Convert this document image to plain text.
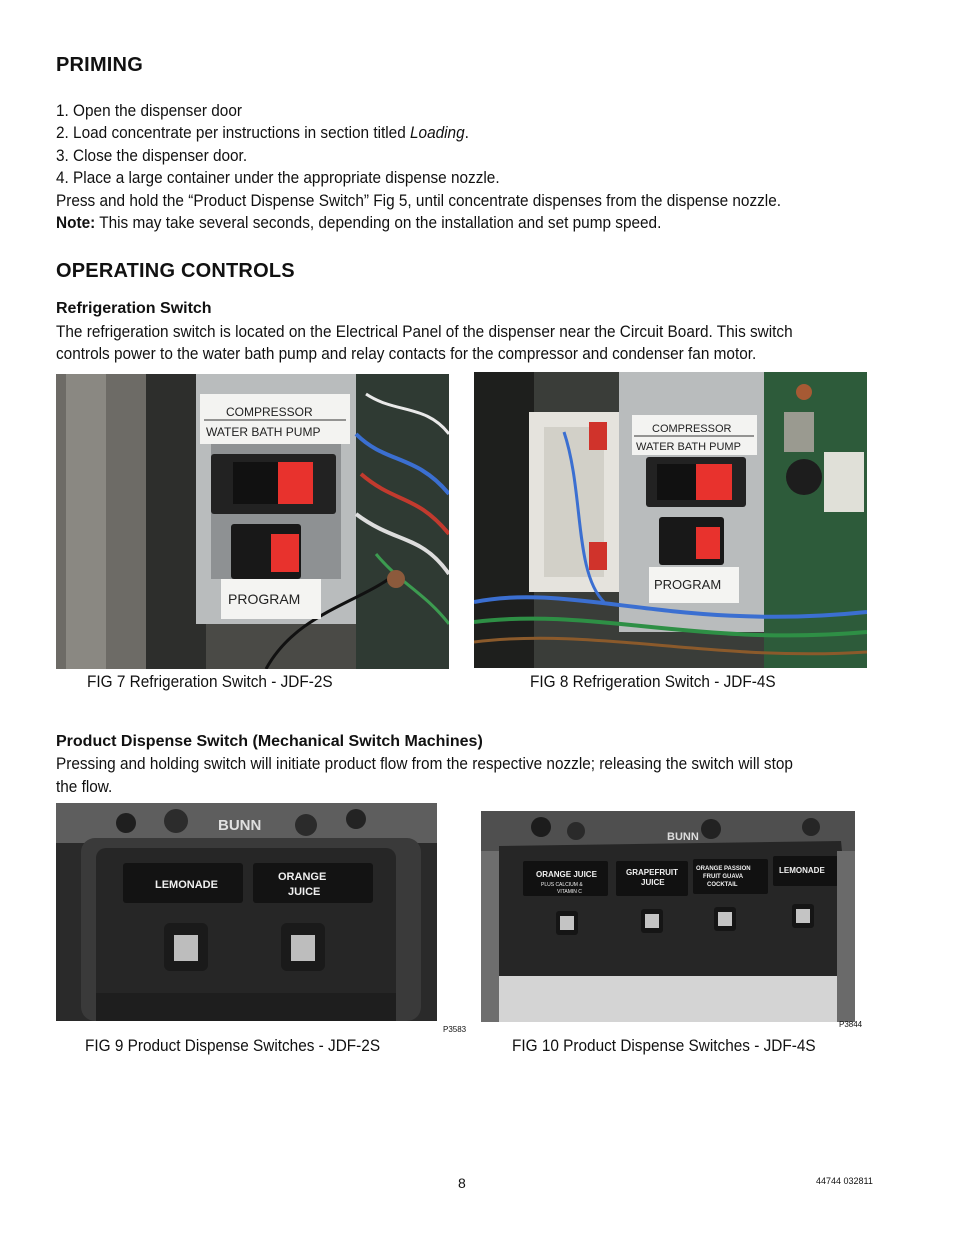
PRIMING
1. Open the dispenser door
2. Load concentrate per instructions in section titled Loading.
3. Close the dispenser door.
4. Place a large container under the appropriate dispense nozzle.
Press and hold the “Product Dispense Switch” Fig 5, until concentrate dispenses from the dispense nozzle.
Note: This may take several seconds, depending on the installation and set pump speed.
OPERATING CONTROLS
Refrigeration Switch
The refrigeration switch is located on the Electrical Panel of the dispenser near the Circuit Board. This switch
controls power to the water bath pump and relay contacts for the compressor and condenser fan motor.
COMPRESSOR
WATER BATH PUMP
PROGRAM
COMPRESSOR
WATER BATH PUMP
PROGRAM
FIG 7 Refrigeration Switch - JDF-2S	FIG 8 Refrigeration Switch - JDF-4S
Product Dispense Switch (Mechanical Switch Machines)
Pressing and holding switch will initiate product flow from the respective nozzle; releasing the switch will stop
the flow.
BUNN
LEMONADE
ORANGE
JUICE
BUNN
ORANGE JUICE
PLUS CALCIUM &
VITAMIN C
GRAPEFRUIT
JUICE
ORANGE PASSION
FRUIT GUAVA
COCKTAIL
LEMONADE
P3583
P3844
FIG 9 Product Dispense Switches - JDF-2S	FIG 10 Product Dispense Switches - JDF-4S
8	44744 032811
